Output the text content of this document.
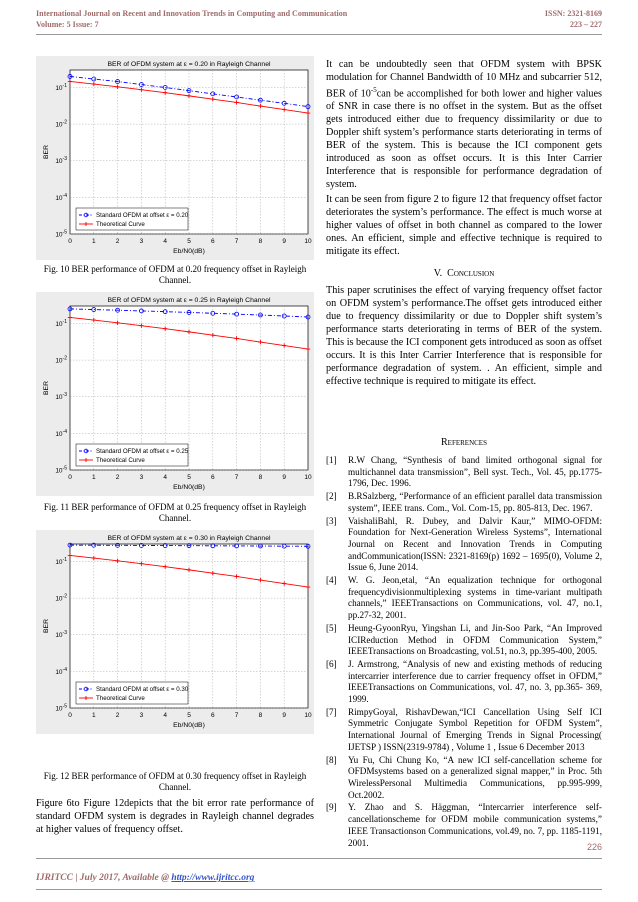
International Journal on Recent and Innovation Trends in Computing and Communication
Volume: 5 Issue: 7
ISSN: 2321-8169
223 – 227
0	1	2	3	4	5	6	7	8	9	10
$10^{-1}$
$10^{-2}$
$10^{-3}$
$10^{-4}$
$10^{-5}$
BER of OFDM system at ε = 0.20 in Rayleigh Channel
Eb/N0(dB)
BER
Standard OFDM at offset ε = 0.20
Theoretical Curve
Fig. 10 BER performance of OFDM at 0.20 frequency offset in Rayleigh Channel.
0	1	2	3	4	5	6	7	8	9	10
$10^{-1}$
$10^{-2}$
$10^{-3}$
$10^{-4}$
$10^{-5}$
BER of OFDM system at ε = 0.25 in Rayleigh Channel
Eb/N0(dB)
BER
Standard OFDM at offset ε = 0.25
Theoretical Curve
Fig. 11 BER performance of OFDM at 0.25 frequency offset in Rayleigh Channel.
0	1	2	3	4	5	6	7	8	9	10
$10^{-1}$
$10^{-2}$
$10^{-3}$
$10^{-4}$
$10^{-5}$
BER of OFDM system at ε = 0.30 in Rayleigh Channel
Eb/N0(dB)
BER
Standard OFDM at offset ε = 0.30
Theoretical Curve
Fig. 12 BER performance of OFDM at 0.30 frequency offset in Rayleigh Channel.
Figure 6to Figure 12depicts that the bit error rate performance of standard OFDM system is degrades in Rayleigh channel degrades at higher values of frequency offset.
It can be undoubtedly seen that OFDM system with BPSK modulation for Channel Bandwidth of 10 MHz and subcarrier 512, BER of $10^{-5}can$ be accomplished for both lower and higher values of SNR in case there is no offset in the system. But as the offset gets introduced either due to frequency dissimilarity or due to Doppler shift system’s performance starts deteriorating in terms of BER of the system. This is because the ICI component gets introduced as soon as offset occurs. It is this Inter Carrier Interference that is responsible for performance degradation of system.
It can be seen from figure 2 to figure 12 that frequency offset factor deteriorates the system’s performance. The effect is much worse at higher values of offset in both channel as compared to the lower ones. An efficient, simple and effective technique is required to mitigate its effect.
V. Conclusion
This paper scrutinises the effect of varying frequency offset factor on OFDM system’s performance.The offset gets introduced either due to frequency dissimilarity or due to Doppler shift system’s performance starts deteriorating in terms of BER of the system. This is because the ICI component gets introduced as soon as offset occurs. It is this Inter Carrier Interference that is responsible for performance degradation of system. . An efficient, simple and effective technique is required to mitigate its effect.
References
[1]	R.W Chang, “Synthesis of band limited orthogonal signal for multichannel data transmission”, Bell syst. Tech., Vol. 45, pp.1775-1796, Dec. 1996.
[2]	B.RSalzberg, “Performance of an efficient parallel data transmission system”, IEEE trans. Com., Vol. Com-15, pp. 805-813, Dec. 1967.
[3]	VaishaliBahl, R. Dubey, and Dalvir Kaur,” MIMO-OFDM: Foundation for Next-Generation Wireless Systems”, International Journal on Recent and Innovation Trends in Computing andCommunication(ISSN: 2321-8169(p) 1692 – 1695(0), Volume 2, Issue 6, June 2014.
[4]	W. G. Jeon,etal, “An equalization technique for orthogonal frequencydivisionmultiplexing systems in time-variant multipath channels,” IEEETransactions on Communications, vol. 47, no.1, pp.27-32, 2001.
[5]	Heung-GyoonRyu, Yingshan Li, and Jin-Soo Park, “An Improved ICIReduction Method in OFDM Communication System,” IEEETransactions on Broadcasting, vol.51, no.3, pp.395-400, 2005.
[6]	J. Armstrong, “Analysis of new and existing methods of reducing intercarrier interference due to carrier frequency offset in OFDM,” IEEETransactions on Communications, vol. 47, no. 3, pp.365- 369, 1999.
[7]	RimpyGoyal, RishavDewan,“ICI Cancellation Using Self ICI Symmetric Conjugate Symbol Repetition for OFDM System”, International Journal of Emerging Trends in Signal Processing( IJETSP ) ISSN(2319-9784) , Volume 1 , Issue 6 December 2013
[8]	Yu Fu, Chi Chung Ko, “A new ICI self-cancellation scheme for OFDMsystems based on a generalized signal mapper,” in Proc. 5th WirelessPersonal Multimedia Communications, pp.995-999, Oct.2002.
[9]	Y. Zhao and S. Häggman, “Intercarrier interference self-cancellationscheme for OFDM mobile communication systems,” IEEE Transactionson Communications, vol.49, no. 7, pp. 1185-1191, 2001.	226
IJRITCC | July 2017, Available @ http://www.ijritcc.org
